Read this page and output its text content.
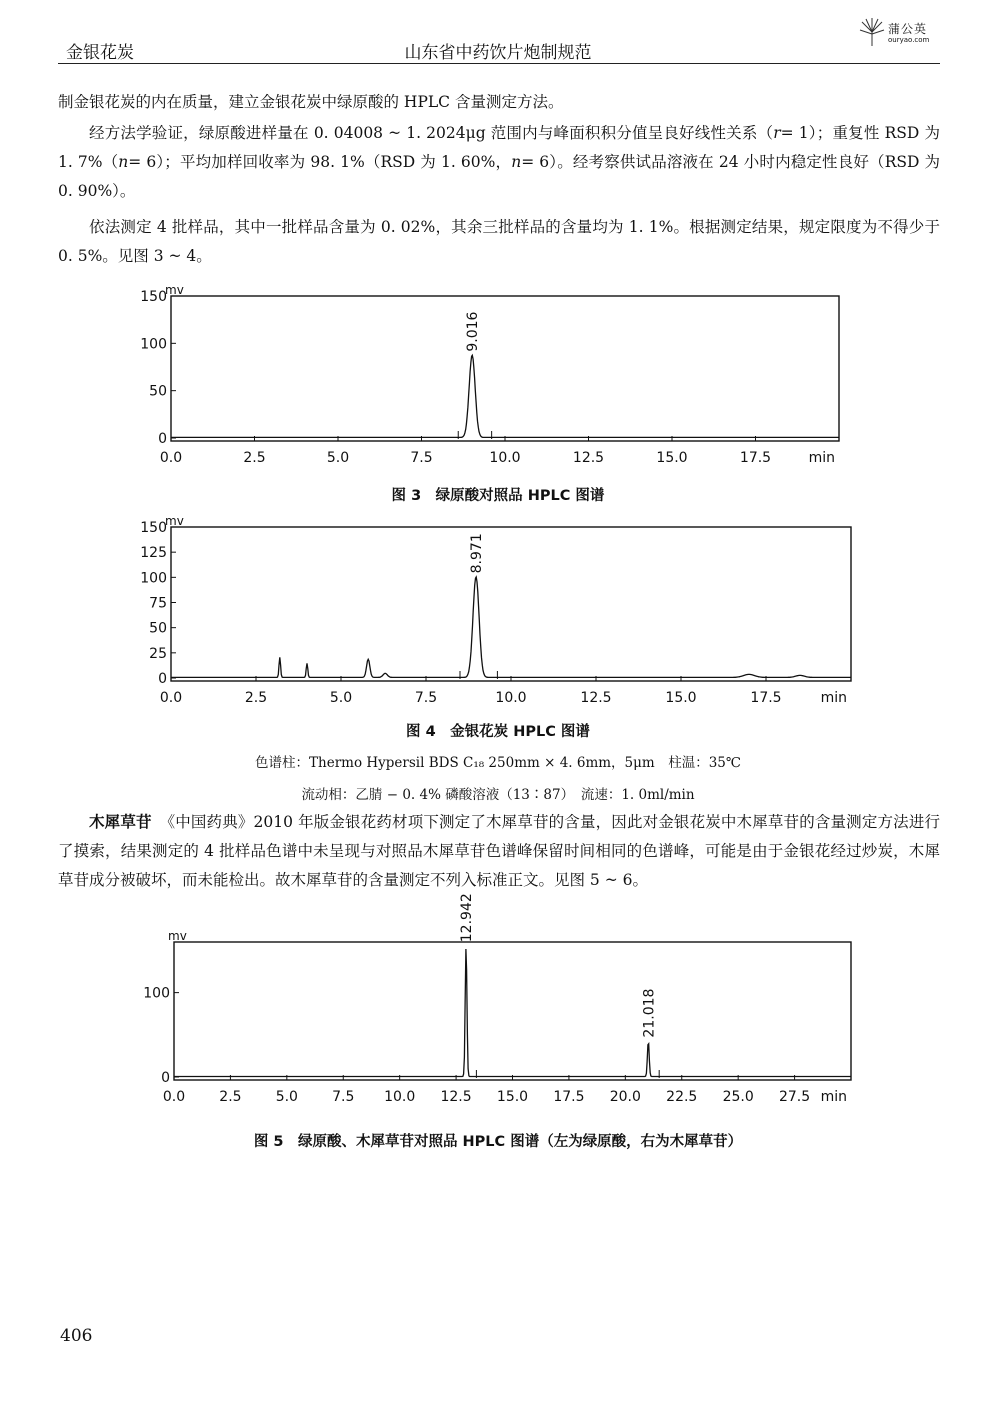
金银花炭	山东省中药饮片炮制规范
蒲公英
ouryao.com

制金银花炭的内在质量，建立金银花炭中绿原酸的 HPLC 含量测定方法。

经方法学验证，绿原酸进样量在 0. 04008 ~ 1. 2024μg 范围内与峰面积积分值呈良好线性关系（r= 1）；重复性 RSD 为 1. 7%（n= 6）；平均加样回收率为 98. 1%（RSD 为 1. 60%，n= 6）。经考察供试品溶液在 24 小时内稳定性良好（RSD 为 0. 90%）。

依法测定 4 批样品，其中一批样品含量为 0. 02%，其余三批样品的含量均为 1. 1%。根据测定结果，规定限度为不得少于 0. 5%。见图 3 ~ 4。

0
50
100
150
mv
0.0	2.5	5.0	7.5	10.0	12.5	15.0	17.5	min
9.016
图 3　绿原酸对照品 HPLC 图谱
0
25
50
75
100
125
150
mv
0.0	2.5	5.0	7.5	10.0	12.5	15.0	17.5	min
8.971
图 4　金银花炭 HPLC 图谱
色谱柱：Thermo Hypersil BDS C₁₈ 250mm × 4. 6mm，5μm　柱温：35℃
流动相：乙腈 − 0. 4% 磷酸溶液（13∶87）　流速：1. 0ml/min

木犀草苷　 《中国药典》2010 年版金银花药材项下测定了木犀草苷的含量，因此对金银花炭中木犀草苷的含量测定方法进行了摸索，结果测定的 4 批样品色谱中未呈现与对照品木犀草苷色谱峰保留时间相同的色谱峰，可能是由于金银花经过炒炭，木犀草苷成分被破坏，而未能检出。故木犀草苷的含量测定不列入标准正文。见图 5 ~ 6。

0
100
mv
0.0 2.5 5.0 7.5 10.0 12.5 15.0 17.5 20.0 22.5 25.0 27.5 min
12.942
21.018
图 5　绿原酸、木犀草苷对照品 HPLC 图谱（左为绿原酸，右为木犀草苷）
406
